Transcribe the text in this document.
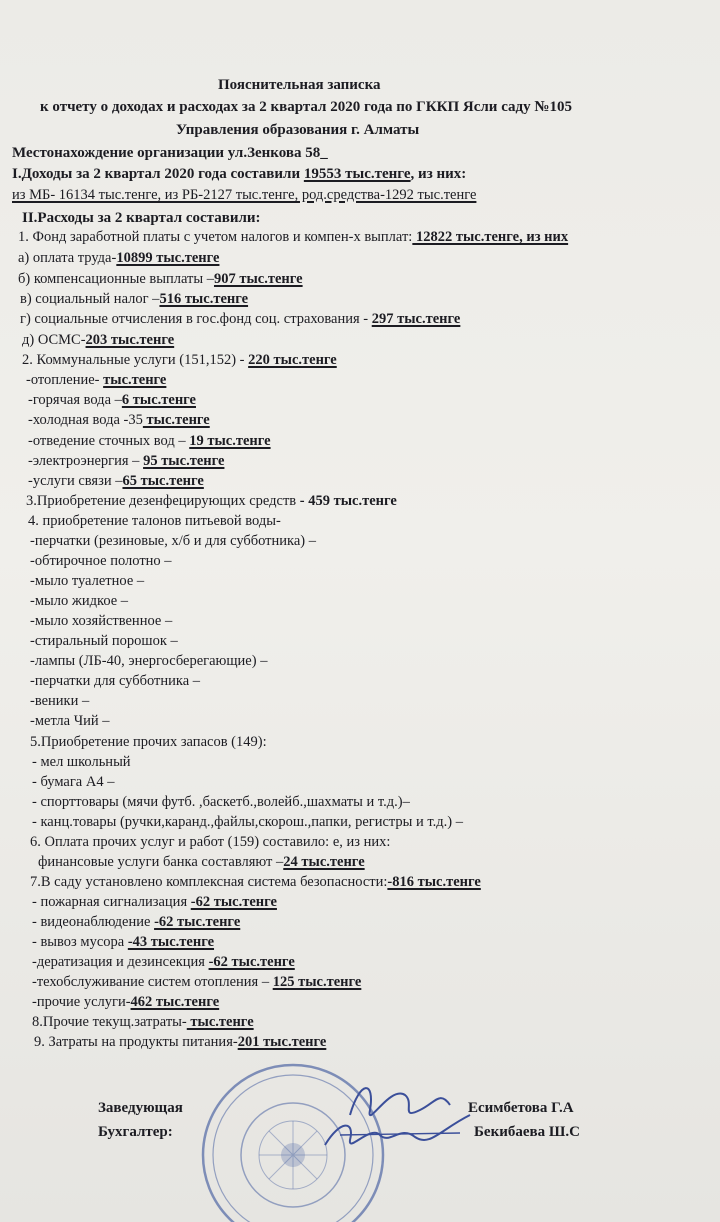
Пояснительная записка
к отчету о доходах и расходах за 2 квартал 2020 года по ГККП Ясли саду №105
Управления образования г. Алматы
Местонахождение организации ул.Зенкова 58_
I.Доходы за 2 квартал 2020 года составили 19553 тыс.тенге, из них:
из МБ- 16134 тыс.тенге, из РБ-2127 тыс.тенге, род.средства-1292 тыс.тенге
II.Расходы за 2 квартал составили:
1. Фонд заработной платы с учетом налогов и компен-х выплат: 12822 тыс.тенге, из них
а) оплата труда-10899 тыс.тенге
б) компенсационные выплаты –907 тыс.тенге
в) социальный налог –516 тыс.тенге
г) социальные отчисления в гос.фонд соц. страхования - 297 тыс.тенге
д) ОСМС-203 тыс.тенге
2. Коммунальные услуги (151,152) - 220 тыс.тенге
-отопление- тыс.тенге
-горячая вода –6 тыс.тенге
-холодная вода -35 тыс.тенге
-отведение сточных вод – 19 тыс.тенге
-электроэнергия – 95 тыс.тенге
-услуги связи –65 тыс.тенге
3.Приобретение дезенфецирующих средств - 459 тыс.тенге
4. приобретение талонов питьевой воды-
-перчатки (резиновые, х/б и для субботника) –
-обтирочное полотно –
-мыло туалетное –
-мыло жидкое –
-мыло хозяйственное –
-стиральный порошок –
-лампы (ЛБ-40, энергосберегающие) –
-перчатки для субботника –
-веники –
-метла Чий –
5.Приобретение прочих запасов (149):
- мел школьный
- бумага А4 –
- спорттовары (мячи футб. ,баскетб.,волейб.,шахматы и т.д.)–
- канц.товары (ручки,каранд.,файлы,скорош.,папки, регистры и т.д.) –
6. Оплата прочих услуг и работ (159) составило: е, из них:
финансовые услуги банка составляют –24 тыс.тенге
7.В саду установлено комплексная система безопасности:-816 тыс.тенге
- пожарная сигнализация -62 тыс.тенге
- видеонаблюдение -62 тыс.тенге
- вывоз мусора -43 тыс.тенге
-дератизация и дезинсекция -62 тыс.тенге
-техобслуживание систем отопления – 125 тыс.тенге
-прочие услуги-462 тыс.тенге
8.Прочие текущ.затраты- тыс.тенге
9. Затраты на продукты питания-201 тыс.тенге
Заведующая	Есимбетова Г.А
Бухгалтер:	Бекибаева Ш.С
